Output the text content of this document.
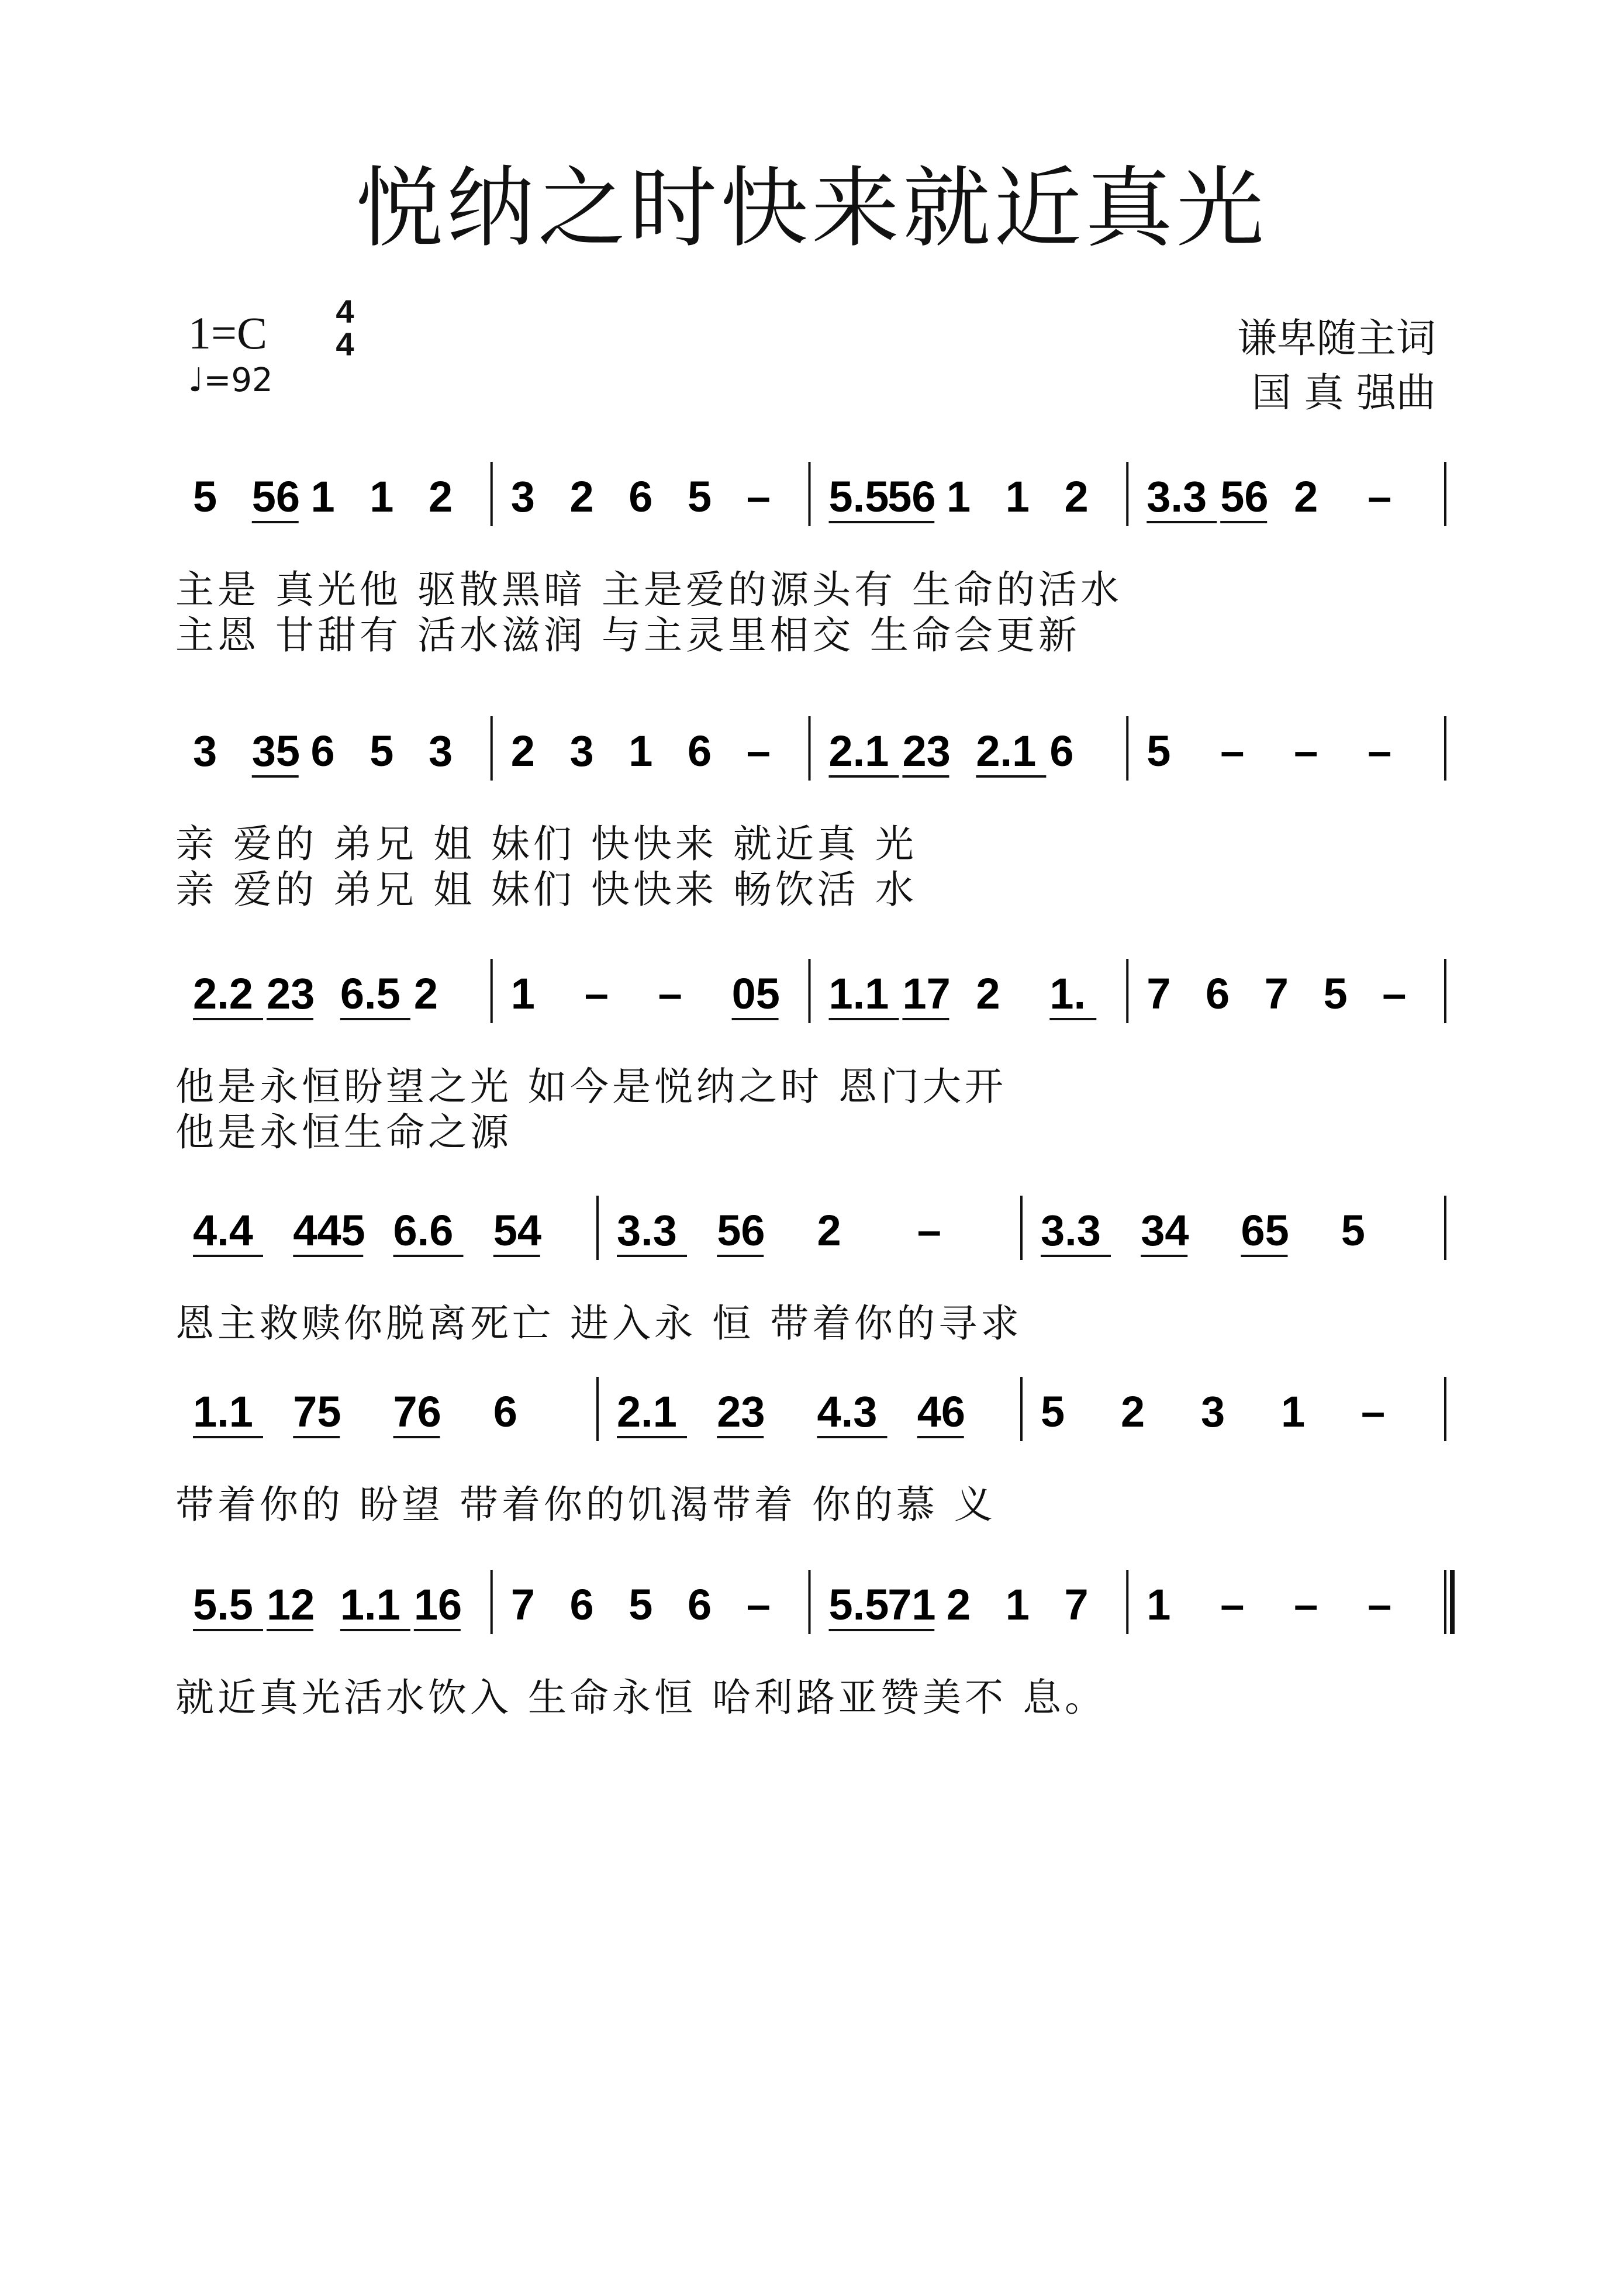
悦纳之时快来就近真光
1=C 4
4
♩=92
谦卑随主词
国 真 强曲
5 56 1 1 2 3 2 6 5 – 5.5
56 1 1 2 3.3 56 2 –
3 35 6 5 3 2 3 1 6 – 2.1 23 2.1 6 5 – – –
2.2 23 6.5 2 1 – – 05 1.1 17 2 1. 7 6 7 5 –
4.4 445 6.6 54 3.3 56 2 – 3.3 34 65 5
1.1 75 76 6 2.1 23 4.3 46 5 2 3 1 –
5.5 12 1.1 16 7 6 5 6 – 5.5
71 2 1 7 1 – – –
主是 真光他 驱散黑暗 主是爱的源头有 生命的活水
主恩 甘甜有 活水滋润 与主灵里相交 生命会更新
亲 爱的 弟兄 姐 妹们 快快来 就近真 光
亲 爱的 弟兄 姐 妹们 快快来 畅饮活 水
他是永恒盼望之光 如今是悦纳之时 恩门大开
他是永恒生命之源
恩主救赎你脱离死亡 进入永 恒 带着你的寻求
带着你的 盼望 带着你的饥渴带着 你的慕 义
就近真光活水饮入 生命永恒 哈利路亚赞美不 息。
